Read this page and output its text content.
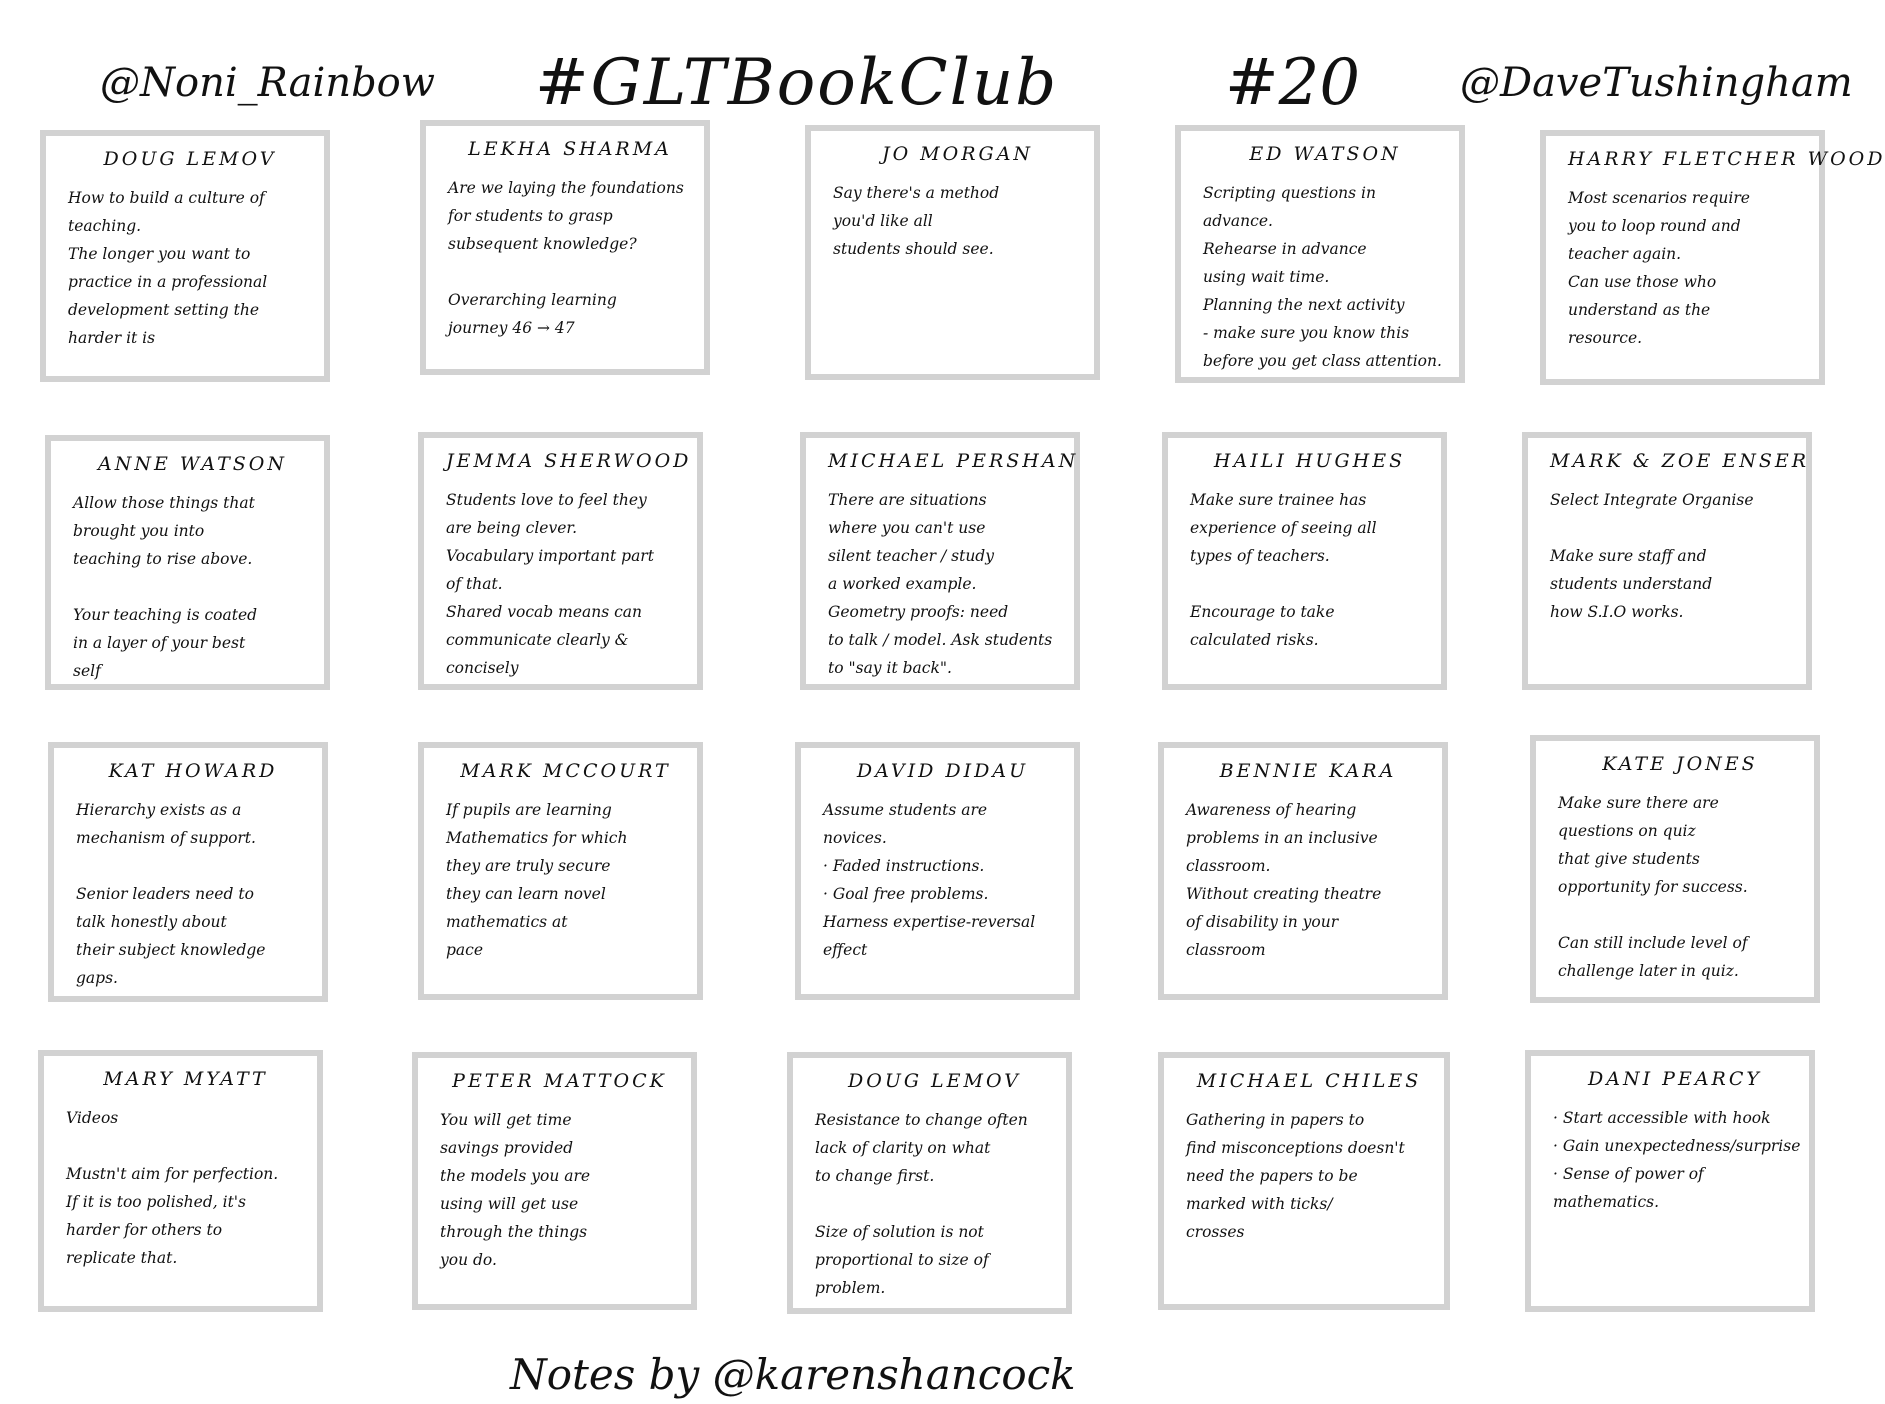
@Noni_Rainbow #GLTBookClub	#20 @DaveTushingham
DOUG LEMOV
How to build a culture of
teaching.
The longer you want to
practice in a professional
development setting the
harder it is
LEKHA SHARMA
Are we laying the foundations
for students to grasp
subsequent knowledge?
Overarching learning
journey 46 → 47
JO MORGAN
Say there's a method
you'd like all
students should see.
ED WATSON
Scripting questions in
advance.
Rehearse in advance
using wait time.
Planning the next activity
- make sure you know this
before you get class attention.
HARRY FLETCHER WOOD
Most scenarios require
you to loop round and
teacher again.
Can use those who
understand as the
resource.
ANNE WATSON
Allow those things that
brought you into
teaching to rise above.
Your teaching is coated
in a layer of your best
self
JEMMA SHERWOOD
Students love to feel they
are being clever.
Vocabulary important part
of that.
Shared vocab means can
communicate clearly &
concisely
MICHAEL PERSHAN
There are situations
where you can't use
silent teacher / study
a worked example.
Geometry proofs: need
to talk / model. Ask students
to "say it back".
HAILI HUGHES
Make sure trainee has
experience of seeing all
types of teachers.
Encourage to take
calculated risks.
MARK & ZOE ENSER
Select Integrate Organise
Make sure staff and
students understand
how S.I.O works.
KAT HOWARD
Hierarchy exists as a
mechanism of support.
Senior leaders need to
talk honestly about
their subject knowledge
gaps.
MARK MCCOURT
If pupils are learning
Mathematics for which
they are truly secure
they can learn novel
mathematics at
pace
DAVID DIDAU
Assume students are
novices.
· Faded instructions.
· Goal free problems.
Harness expertise-reversal
effect
BENNIE KARA
Awareness of hearing
problems in an inclusive
classroom.
Without creating theatre
of disability in your
classroom
KATE JONES
Make sure there are
questions on quiz
that give students
opportunity for success.
Can still include level of
challenge later in quiz.
MARY MYATT
Videos
Mustn't aim for perfection.
If it is too polished, it's
harder for others to
replicate that.
PETER MATTOCK
You will get time
savings provided
the models you are
using will get use
through the things
you do.
DOUG LEMOV
Resistance to change often
lack of clarity on what
to change first.
Size of solution is not
proportional to size of
problem.
MICHAEL CHILES
Gathering in papers to
find misconceptions doesn't
need the papers to be
marked with ticks/
crosses
DANI PEARCY
· Start accessible with hook
· Gain unexpectedness/surprise
· Sense of power of
mathematics.
Notes by @karenshancock
